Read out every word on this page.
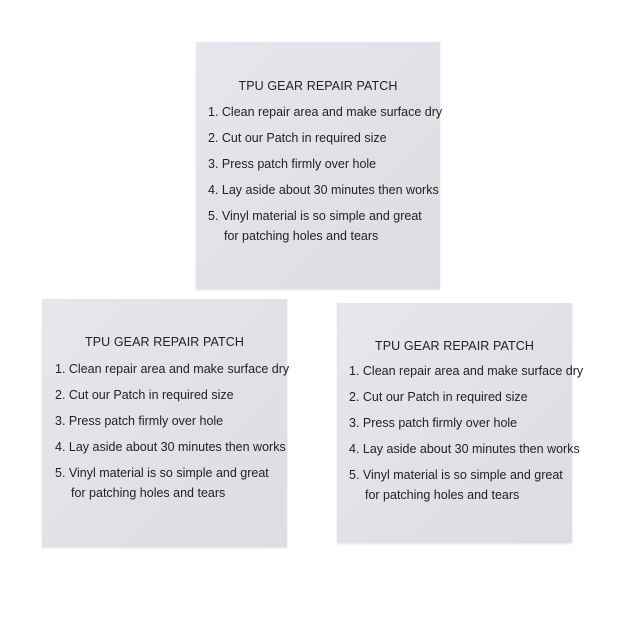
TPU GEAR REPAIR PATCH
1. Clean repair area and make surface dry
2. Cut our Patch in required size
3. Press patch firmly over hole
4. Lay aside about 30 minutes then works
5. Vinyl material is so simple and great
for patching holes and tears
TPU GEAR REPAIR PATCH
1. Clean repair area and make surface dry
2. Cut our Patch in required size
3. Press patch firmly over hole
4. Lay aside about 30 minutes then works
5. Vinyl material is so simple and great
for patching holes and tears
TPU GEAR REPAIR PATCH
1. Clean repair area and make surface dry
2. Cut our Patch in required size
3. Press patch firmly over hole
4. Lay aside about 30 minutes then works
5. Vinyl material is so simple and great
for patching holes and tears
